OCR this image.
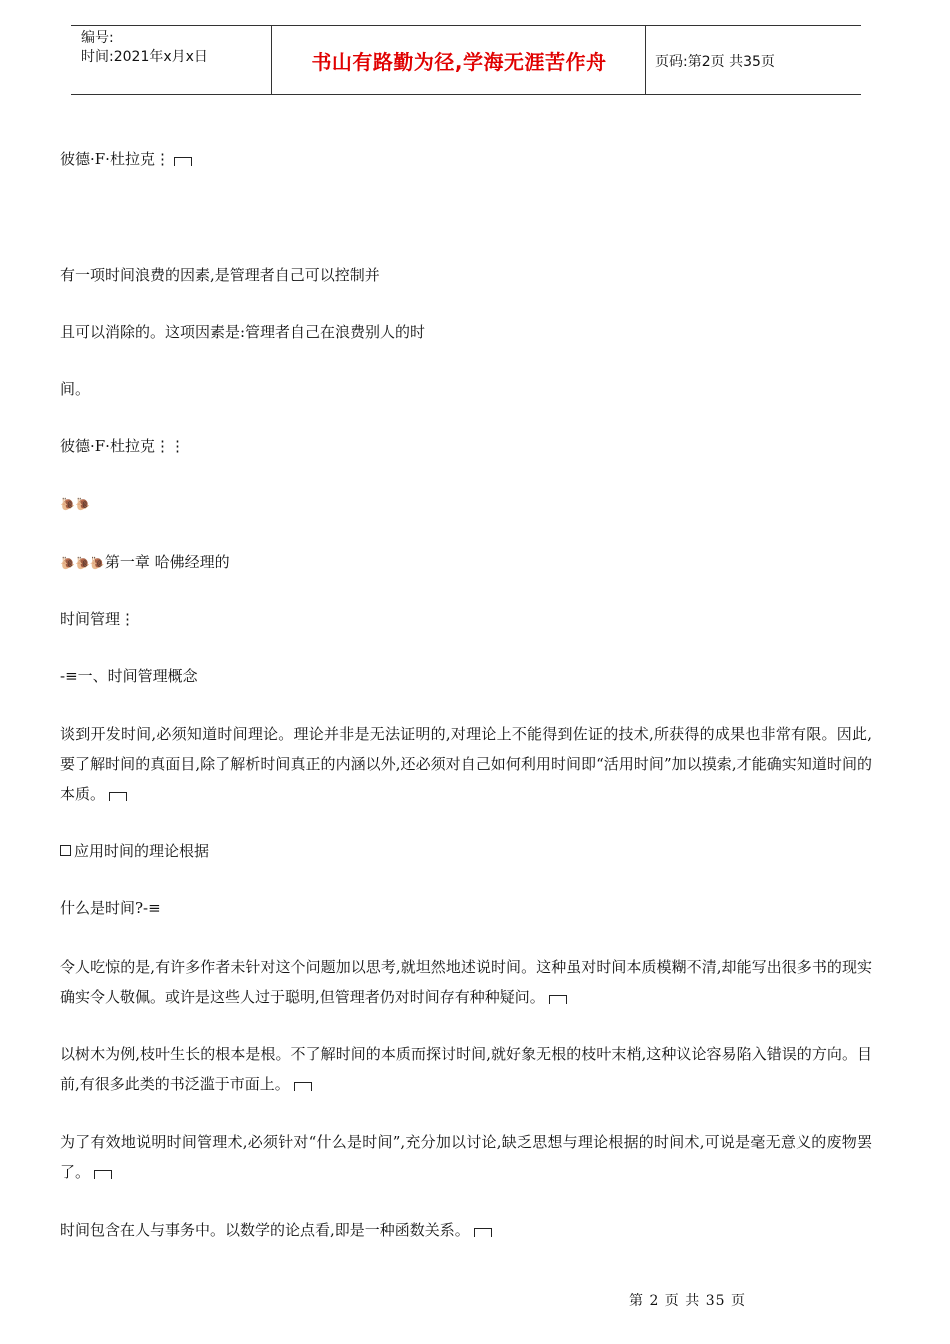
编号:
时间:2021年x月x日	书山有路勤为径,学海无涯苦作舟	页码:第2页 共35页
彼德·F·杜拉克⋮
有一项时间浪费的因素,是管理者自己可以控制并
且可以消除的。这项因素是:管理者自己在浪费别人的时
间。
彼德·F·杜拉克⋮⋮
🐌🐌
🐌🐌🐌第一章 哈佛经理的
时间管理⋮
-≡一、时间管理概念
谈到开发时间,必须知道时间理论。理论并非是无法证明的,对理论上不能得到佐证的技术,所获得的成果也非常有限。因此,要了解时间的真面目,除了解析时间真正的内涵以外,还必须对自己如何利用时间即“活用时间”加以摸索,才能确实知道时间的本质。
应用时间的理论根据
什么是时间?-≡
令人吃惊的是,有许多作者未针对这个问题加以思考,就坦然地述说时间。这种虽对时间本质模糊不清,却能写出很多书的现实确实令人敬佩。或许是这些人过于聪明,但管理者仍对时间存有种种疑问。
以树木为例,枝叶生长的根本是根。不了解时间的本质而探讨时间,就好象无根的枝叶末梢,这种议论容易陷入错误的方向。目前,有很多此类的书泛滥于市面上。
为了有效地说明时间管理术,必须针对“什么是时间”,充分加以讨论,缺乏思想与理论根据的时间术,可说是毫无意义的废物罢了。
时间包含在人与事务中。以数学的论点看,即是一种函数关系。
第 2 页 共 35 页
